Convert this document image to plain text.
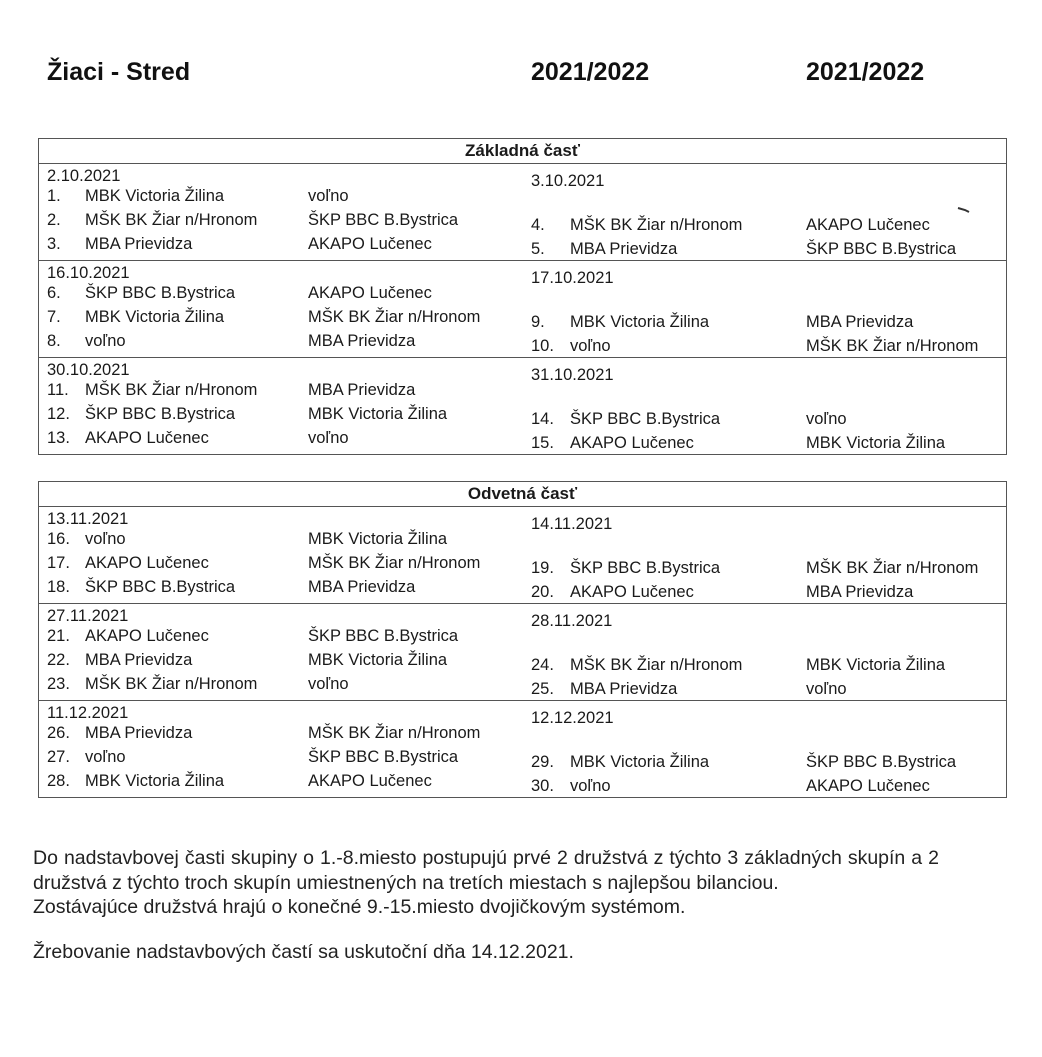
Žiaci - Stred	2021/2022	2021/2022
Základná časť
2.10.2021	3.10.2021
1. MBK Victoria Žilina	voľno
2. MŠK BK Žiar n/Hronom	ŠKP BBC B.Bystrica
3. MBA Prievidza	AKAPO Lučenec
4. MŠK BK Žiar n/Hronom	AKAPO Lučenec
5. MBA Prievidza	ŠKP BBC B.Bystrica
16.10.2021	17.10.2021
6. ŠKP BBC B.Bystrica	AKAPO Lučenec
7. MBK Victoria Žilina	MŠK BK Žiar n/Hronom
8. voľno	MBA Prievidza
9. MBK Victoria Žilina	MBA Prievidza
10. voľno	MŠK BK Žiar n/Hronom
30.10.2021	31.10.2021
11. MŠK BK Žiar n/Hronom	MBA Prievidza
12. ŠKP BBC B.Bystrica	MBK Victoria Žilina
13. AKAPO Lučenec	voľno
14. ŠKP BBC B.Bystrica	voľno
15. AKAPO Lučenec	MBK Victoria Žilina
Odvetná časť
13.11.2021	14.11.2021
16. voľno	MBK Victoria Žilina
17. AKAPO Lučenec	MŠK BK Žiar n/Hronom
18. ŠKP BBC B.Bystrica	MBA Prievidza
19. ŠKP BBC B.Bystrica	MŠK BK Žiar n/Hronom
20. AKAPO Lučenec	MBA Prievidza
27.11.2021	28.11.2021
21. AKAPO Lučenec	ŠKP BBC B.Bystrica
22. MBA Prievidza	MBK Victoria Žilina
23. MŠK BK Žiar n/Hronom	voľno
24. MŠK BK Žiar n/Hronom	MBK Victoria Žilina
25. MBA Prievidza	voľno
11.12.2021	12.12.2021
26. MBA Prievidza	MŠK BK Žiar n/Hronom
27. voľno	ŠKP BBC B.Bystrica
28. MBK Victoria Žilina	AKAPO Lučenec
29. MBK Victoria Žilina	ŠKP BBC B.Bystrica
30. voľno	AKAPO Lučenec

Do nadstavbovej časti skupiny o 1.-8.miesto postupujú prvé 2 družstvá z týchto 3 základných skupín a 2 družstvá z týchto troch skupín umiestnených na tretích miestach s najlepšou bilanciou.

Zostávajúce družstvá hrajú o konečné 9.-15.miesto dvojičkovým systémom.

Žrebovanie nadstavbových častí sa uskutoční dňa 14.12.2021.
